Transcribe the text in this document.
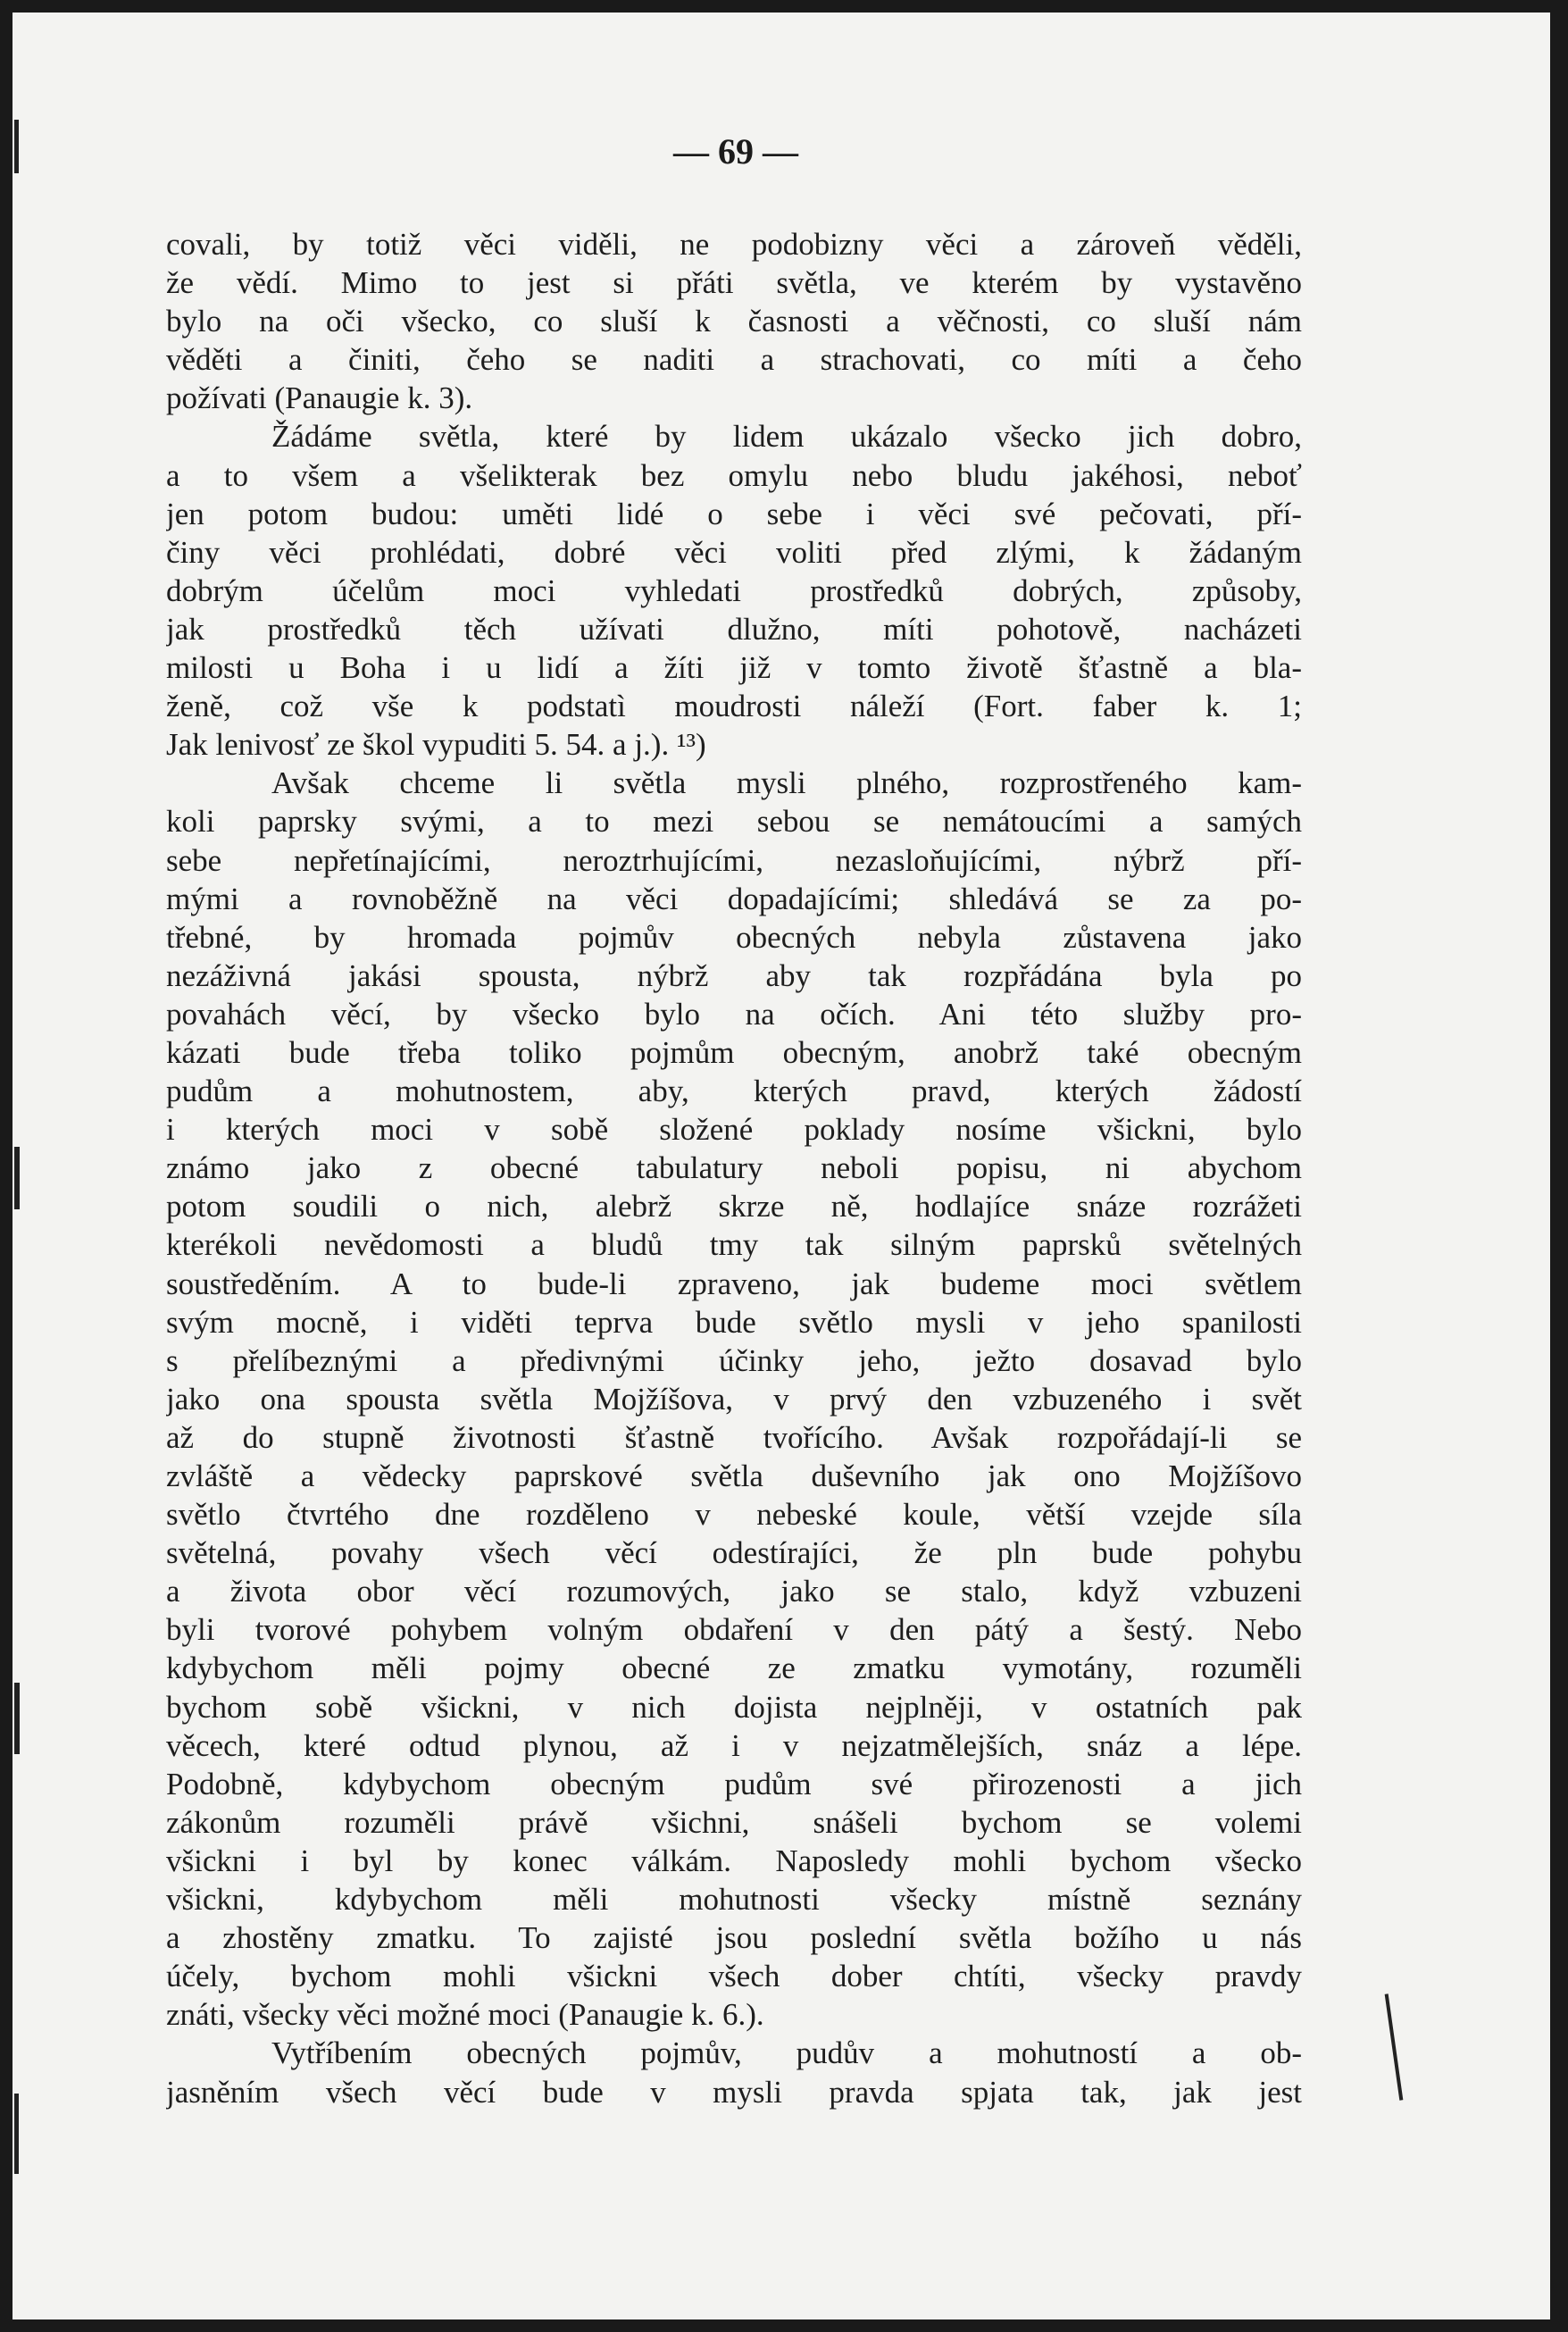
— 69 —
covali, by totiž věci viděli, ne podobizny věci a zároveň věděli,
že vědí. Mimo to jest si přáti světla, ve kterém by vystavěno
bylo na oči všecko, co sluší k časnosti a věčnosti, co sluší nám
věděti a činiti, čeho se naditi a strachovati, co míti a čeho
požívati (Panaugie k. 3).
Žádáme světla, které by lidem ukázalo všecko jich dobro,
a to všem a všelikterak bez omylu nebo bludu jakéhosi, neboť
jen potom budou: uměti lidé o sebe i věci své pečovati, pří-
činy věci prohlédati, dobré věci voliti před zlými, k žádaným
dobrým účelům moci vyhledati prostředků dobrých, způsoby,
jak prostředků těch užívati dlužno, míti pohotově, nacházeti
milosti u Boha i u lidí a žíti již v tomto životě šťastně a bla-
ženě, což vše k podstatì moudrosti náleží (Fort. faber k. 1;
Jak lenivosť ze škol vypuditi 5. 54. a j.). ¹³)
Avšak chceme li světla mysli plného, rozprostřeného kam-
koli paprsky svými, a to mezi sebou se nemátoucími a samých
sebe nepřetínajícími, neroztrhujícími, nezasloňujícími, nýbrž pří-
mými a rovnoběžně na věci dopadajícími; shledává se za po-
třebné, by hromada pojmův obecných nebyla zůstavena jako
nezáživná jakási spousta, nýbrž aby tak rozpřádána byla po
povahách věcí, by všecko bylo na očích. Ani této služby pro-
kázati bude třeba toliko pojmům obecným, anobrž také obecným
pudům a mohutnostem, aby, kterých pravd, kterých žádostí
i kterých moci v sobě složené poklady nosíme všickni, bylo
známo jako z obecné tabulatury neboli popisu, ni abychom
potom soudili o nich, alebrž skrze ně, hodlajíce snáze rozrážeti
kterékoli nevědomosti a bludů tmy tak silným paprsků světelných
soustředěním. A to bude-li zpraveno, jak budeme moci světlem
svým mocně, i viděti teprva bude světlo mysli v jeho spanilosti
s přelíbeznými a předivnými účinky jeho, ježto dosavad bylo
jako ona spousta světla Mojžíšova, v prvý den vzbuzeného i svět
až do stupně životnosti šťastně tvořícího. Avšak rozpořádají-li se
zvláště a vědecky paprskové světla duševního jak ono Mojžíšovo
světlo čtvrtého dne rozděleno v nebeské koule, větší vzejde síla
světelná, povahy všech věcí odestírajíci, že pln bude pohybu
a života obor věcí rozumových, jako se stalo, když vzbuzeni
byli tvorové pohybem volným obdaření v den pátý a šestý. Nebo
kdybychom měli pojmy obecné ze zmatku vymotány, rozuměli
bychom sobě všickni, v nich dojista nejplněji, v ostatních pak
věcech, které odtud plynou, až i v nejzatmělejších, snáz a lépe.
Podobně, kdybychom obecným pudům své přirozenosti a jich
zákonům rozuměli právě všichni, snášeli bychom se volemi
všickni i byl by konec válkám. Naposledy mohli bychom všecko
všickni, kdybychom měli mohutnosti všecky místně seznány
a zhostěny zmatku. To zajisté jsou poslední světla božího u nás
účely, bychom mohli všickni všech dober chtíti, všecky pravdy
znáti, všecky věci možné moci (Panaugie k. 6.).
Vytříbením obecných pojmův, pudův a mohutností a ob-
jasněním všech věcí bude v mysli pravda spjata tak, jak jest
